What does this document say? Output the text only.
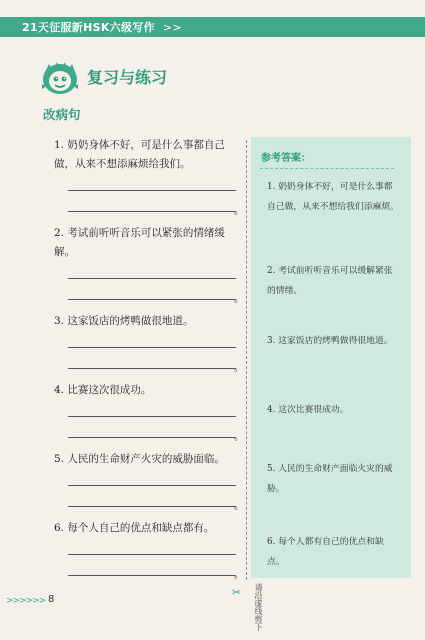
21天征服新HSK六级写作 >>
复习与练习
改病句
1. 奶奶身体不好，可是什么事都自己做，从来不想添麻烦给我们。
。
2. 考试前听听音乐可以紧张的情绪缓解。
。
3. 这家饭店的烤鸭做很地道。
。
4. 比赛这次很成功。
。
5. 人民的生命财产火灾的威胁面临。
。
6. 每个人自己的优点和缺点都有。
。
参考答案：
1. 奶奶身体不好，可是什么事都自己做，从来不想给我们添麻烦。
2. 考试前听听音乐可以缓解紧张的情绪。
3. 这家饭店的烤鸭做得很地道。
4. 这次比赛很成功。
5. 人民的生命财产面临火灾的威胁。
6. 每个人都有自己的优点和缺点。
✂	请沿虚线剪下
>>>>>> 8
